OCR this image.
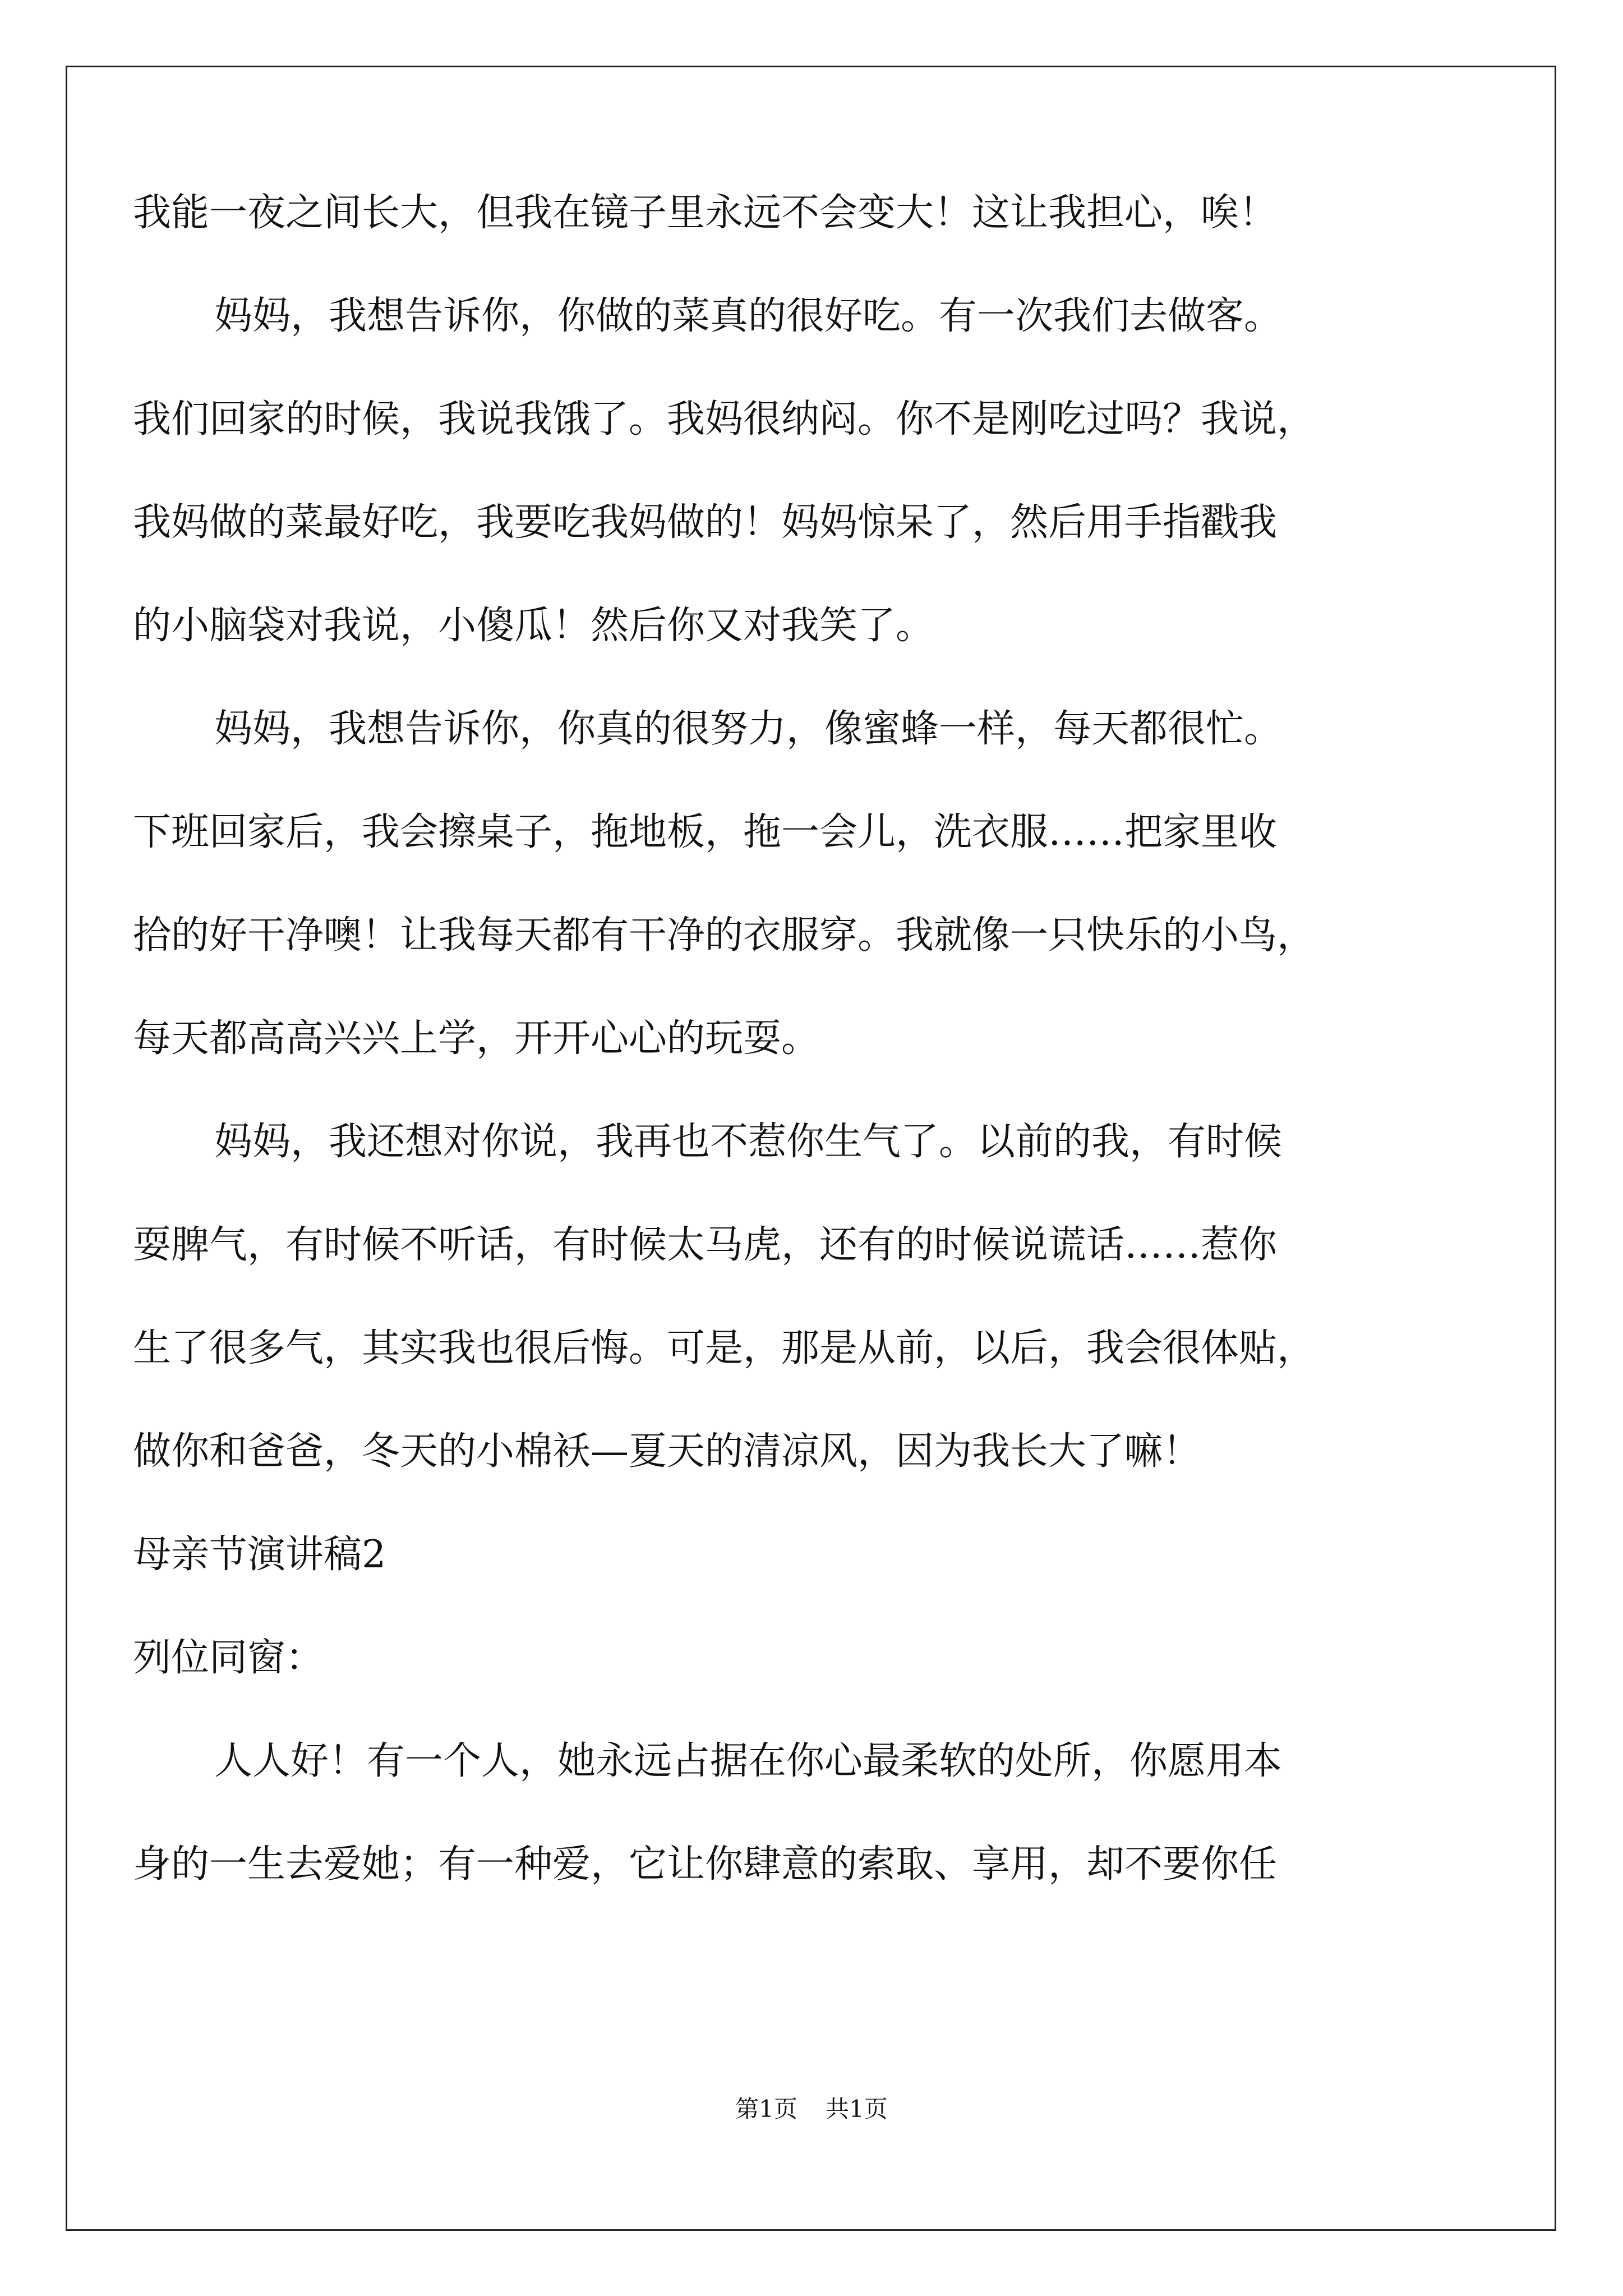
我能一夜之间长大，但我在镜子里永远不会变大！这让我担心，唉！
妈妈，我想告诉你，你做的菜真的很好吃。有一次我们去做客。
我们回家的时候，我说我饿了。我妈很纳闷。你不是刚吃过吗？我说，
我妈做的菜最好吃，我要吃我妈做的！妈妈惊呆了，然后用手指戳我
的小脑袋对我说，小傻瓜！然后你又对我笑了。
妈妈，我想告诉你，你真的很努力，像蜜蜂一样，每天都很忙。
下班回家后，我会擦桌子，拖地板，拖一会儿，洗衣服……把家里收
拾的好干净噢！让我每天都有干净的衣服穿。我就像一只快乐的小鸟，
每天都高高兴兴上学，开开心心的玩耍。
妈妈，我还想对你说，我再也不惹你生气了。以前的我，有时候
耍脾气，有时候不听话，有时候太马虎，还有的时候说谎话……惹你
生了很多气，其实我也很后悔。可是，那是从前，以后，我会很体贴，
做你和爸爸，冬天的小棉袄—夏天的清凉风，因为我长大了嘛！
母亲节演讲稿2
列位同窗：
人人好！有一个人，她永远占据在你心最柔软的处所，你愿用本
身的一生去爱她；有一种爱，它让你肆意的索取、享用，却不要你任
第1页 共1页
